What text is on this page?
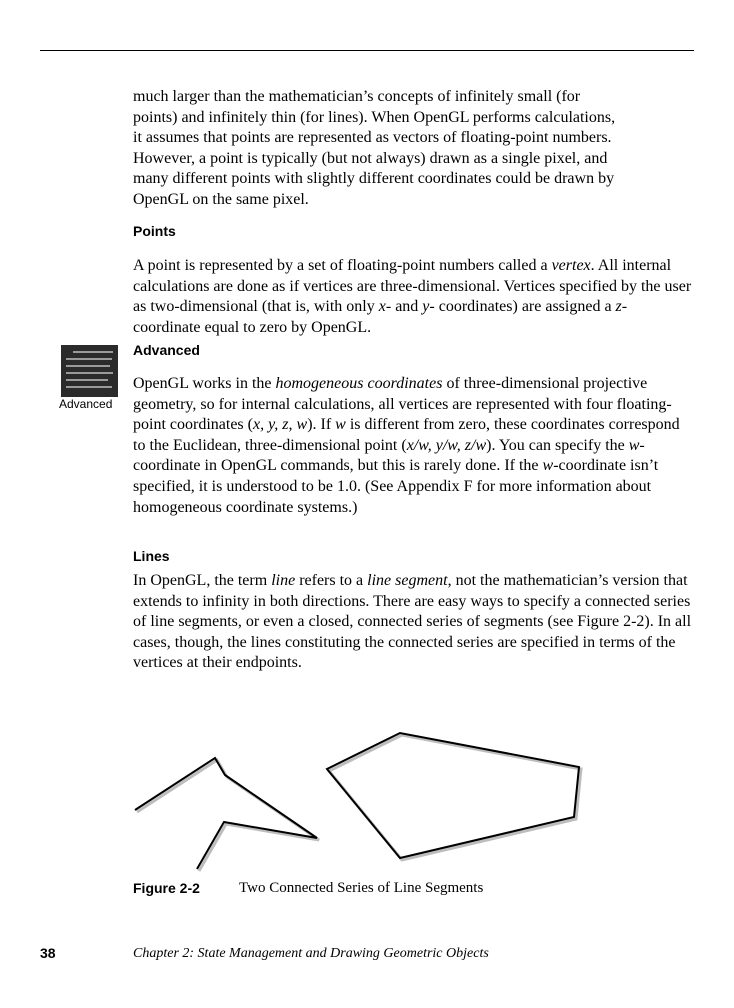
much larger than the mathematician’s concepts of infinitely small (for
points) and infinitely thin (for lines). When OpenGL performs calculations,
it assumes that points are represented as vectors of floating-point numbers.
However, a point is typically (but not always) drawn as a single pixel, and
many different points with slightly different coordinates could be drawn by
OpenGL on the same pixel.

Points

A point is represented by a set of floating-point numbers called a vertex. All internal calculations are done as if vertices are three-dimensional. Vertices specified by the user as two-dimensional (that is, with only x- and y- coordinates) are assigned a z-coordinate equal to zero by OpenGL.

Advanced
Advanced

OpenGL works in the homogeneous coordinates of three-dimensional projective geometry, so for internal calculations, all vertices are represented with four floating-point coordinates (x, y, z, w). If w is different from zero, these coordinates correspond to the Euclidean, three-dimensional point (x/w, y/w, z/w). You can specify the w-coordinate in OpenGL commands, but this is rarely done. If the w-coordinate isn’t specified, it is understood to be 1.0. (See Appendix F for more information about homogeneous coordinate systems.)

Lines

In OpenGL, the term line refers to a line segment, not the mathematician’s version that extends to infinity in both directions. There are easy ways to specify a connected series of line segments, or even a closed, connected series of segments (see Figure 2-2). In all cases, though, the lines constituting the connected series are specified in terms of the vertices at their endpoints.

Figure 2-2	Two Connected Series of Line Segments
38	Chapter 2: State Management and Drawing Geometric Objects
